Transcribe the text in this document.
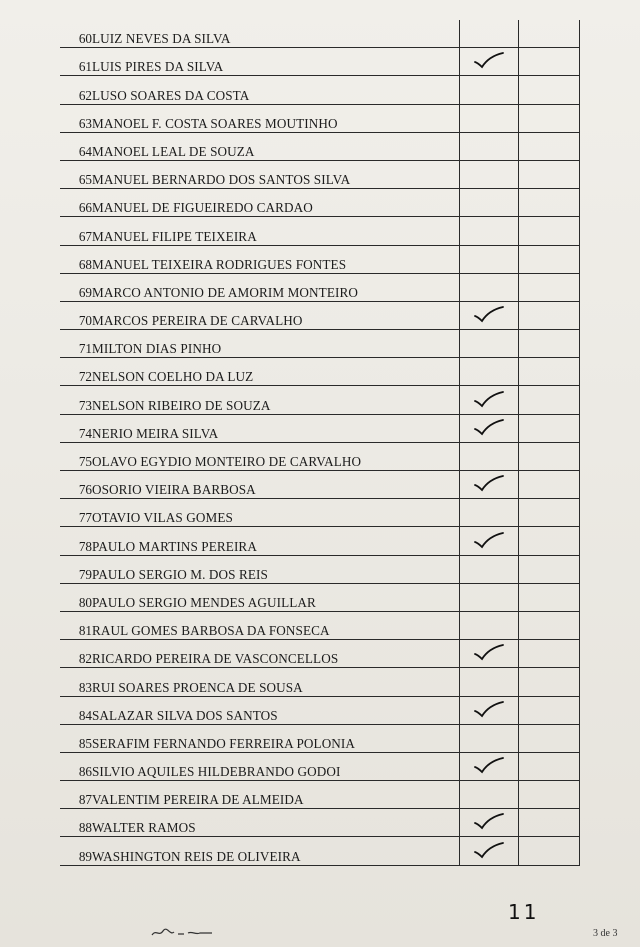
60	LUIZ NEVES DA SILVA		
61	LUIS PIRES DA SILVA		
62	LUSO SOARES DA COSTA		
63	MANOEL F. COSTA SOARES MOUTINHO		
64	MANOEL LEAL DE SOUZA		
65	MANUEL BERNARDO DOS SANTOS SILVA		
66	MANUEL DE FIGUEIREDO CARDAO		
67	MANUEL FILIPE TEIXEIRA		
68	MANUEL TEIXEIRA RODRIGUES FONTES		
69	MARCO ANTONIO DE AMORIM MONTEIRO		
70	MARCOS PEREIRA DE CARVALHO		
71	MILTON DIAS PINHO		
72	NELSON COELHO DA LUZ		
73	NELSON RIBEIRO DE SOUZA		
74	NERIO MEIRA SILVA		
75	OLAVO EGYDIO MONTEIRO DE CARVALHO		
76	OSORIO VIEIRA BARBOSA		
77	OTAVIO VILAS GOMES		
78	PAULO MARTINS PEREIRA		
79	PAULO SERGIO M. DOS REIS		
80	PAULO SERGIO MENDES AGUILLAR		
81	RAUL GOMES BARBOSA DA FONSECA		
82	RICARDO PEREIRA DE VASCONCELLOS		
83	RUI SOARES PROENCA DE SOUSA		
84	SALAZAR SILVA DOS SANTOS		
85	SERAFIM FERNANDO FERREIRA POLONIA		
86	SILVIO AQUILES HILDEBRANDO GODOI		
87	VALENTIM PEREIRA DE ALMEIDA		
88	WALTER RAMOS		
89	WASHINGTON REIS DE OLIVEIRA		
11
3 de 3
